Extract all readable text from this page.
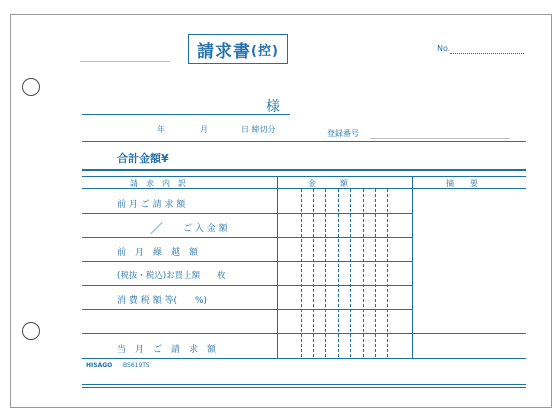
請求書 (控)	No.
様
年	月	日 締切分	登録番号
合計金額¥
請　求　内　訳	金　　　額	摘　　要
前 月 ご 請 求 額
／ ご 入 金 額
前　月　繰　越　額
(税抜・税込)お買上額　　枚
消 費 税 額 等(　　%)
当　月　ご　請　求　額
HISAGO BS619TS
